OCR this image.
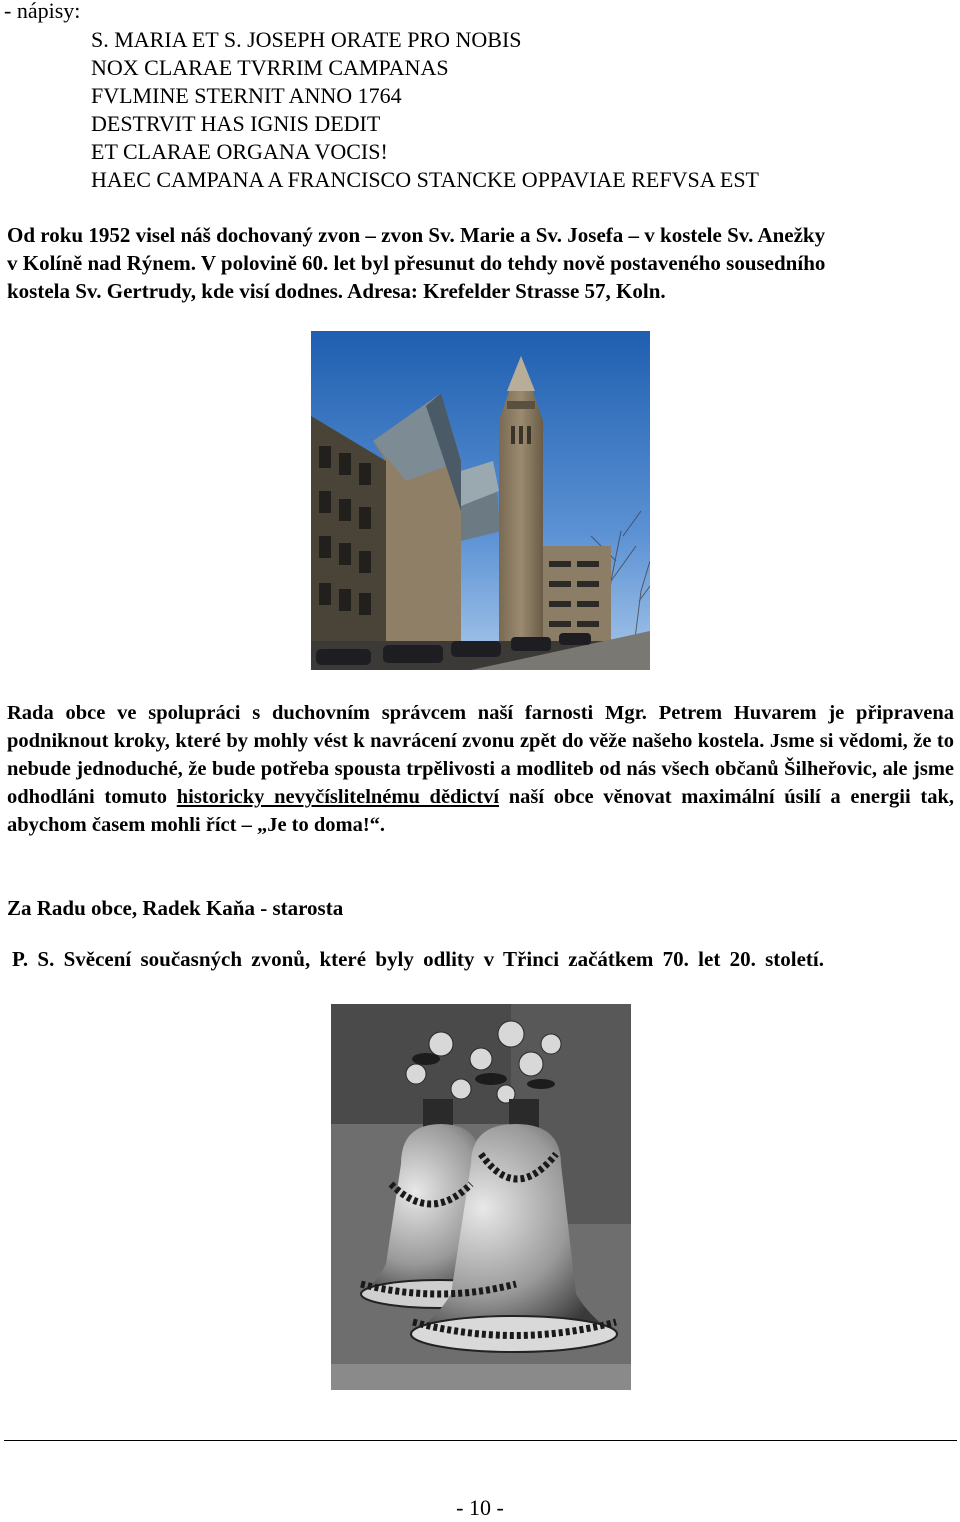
- nápisy:
S. MARIA ET S. JOSEPH ORATE PRO NOBIS
NOX CLARAE TVRRIM CAMPANAS
FVLMINE STERNIT ANNO 1764
DESTRVIT HAS IGNIS DEDIT
ET CLARAE ORGANA VOCIS!
HAEC CAMPANA A FRANCISCO STANCKE OPPAVIAE REFVSA EST
Od roku 1952 visel náš dochovaný zvon – zvon Sv. Marie a Sv. Josefa – v kostele Sv. Anežky
v Kolíně nad Rýnem. V polovině 60. let byl přesunut do tehdy nově postaveného sousedního
kostela Sv. Gertrudy, kde visí dodnes. Adresa: Krefelder Strasse 57, Koln.
Rada obce ve spolupráci s duchovním správcem naší farnosti Mgr. Petrem Huvarem je připravena podniknout kroky, které by mohly vést k navrácení zvonu zpět do věže našeho kostela. Jsme si vědomi, že to nebude jednoduché, že bude potřeba spousta trpělivosti a modliteb od nás všech občanů Šilheřovic, ale jsme odhodláni tomuto historicky nevyčíslitelnému dědictví naší obce věnovat maximální úsilí a energii tak, abychom časem mohli říct – „Je to doma!“.
Za Radu obce, Radek Kaňa - starosta
P. S. Svěcení současných zvonů, které byly odlity v Třinci začátkem 70. let 20. století.
- 10 -
